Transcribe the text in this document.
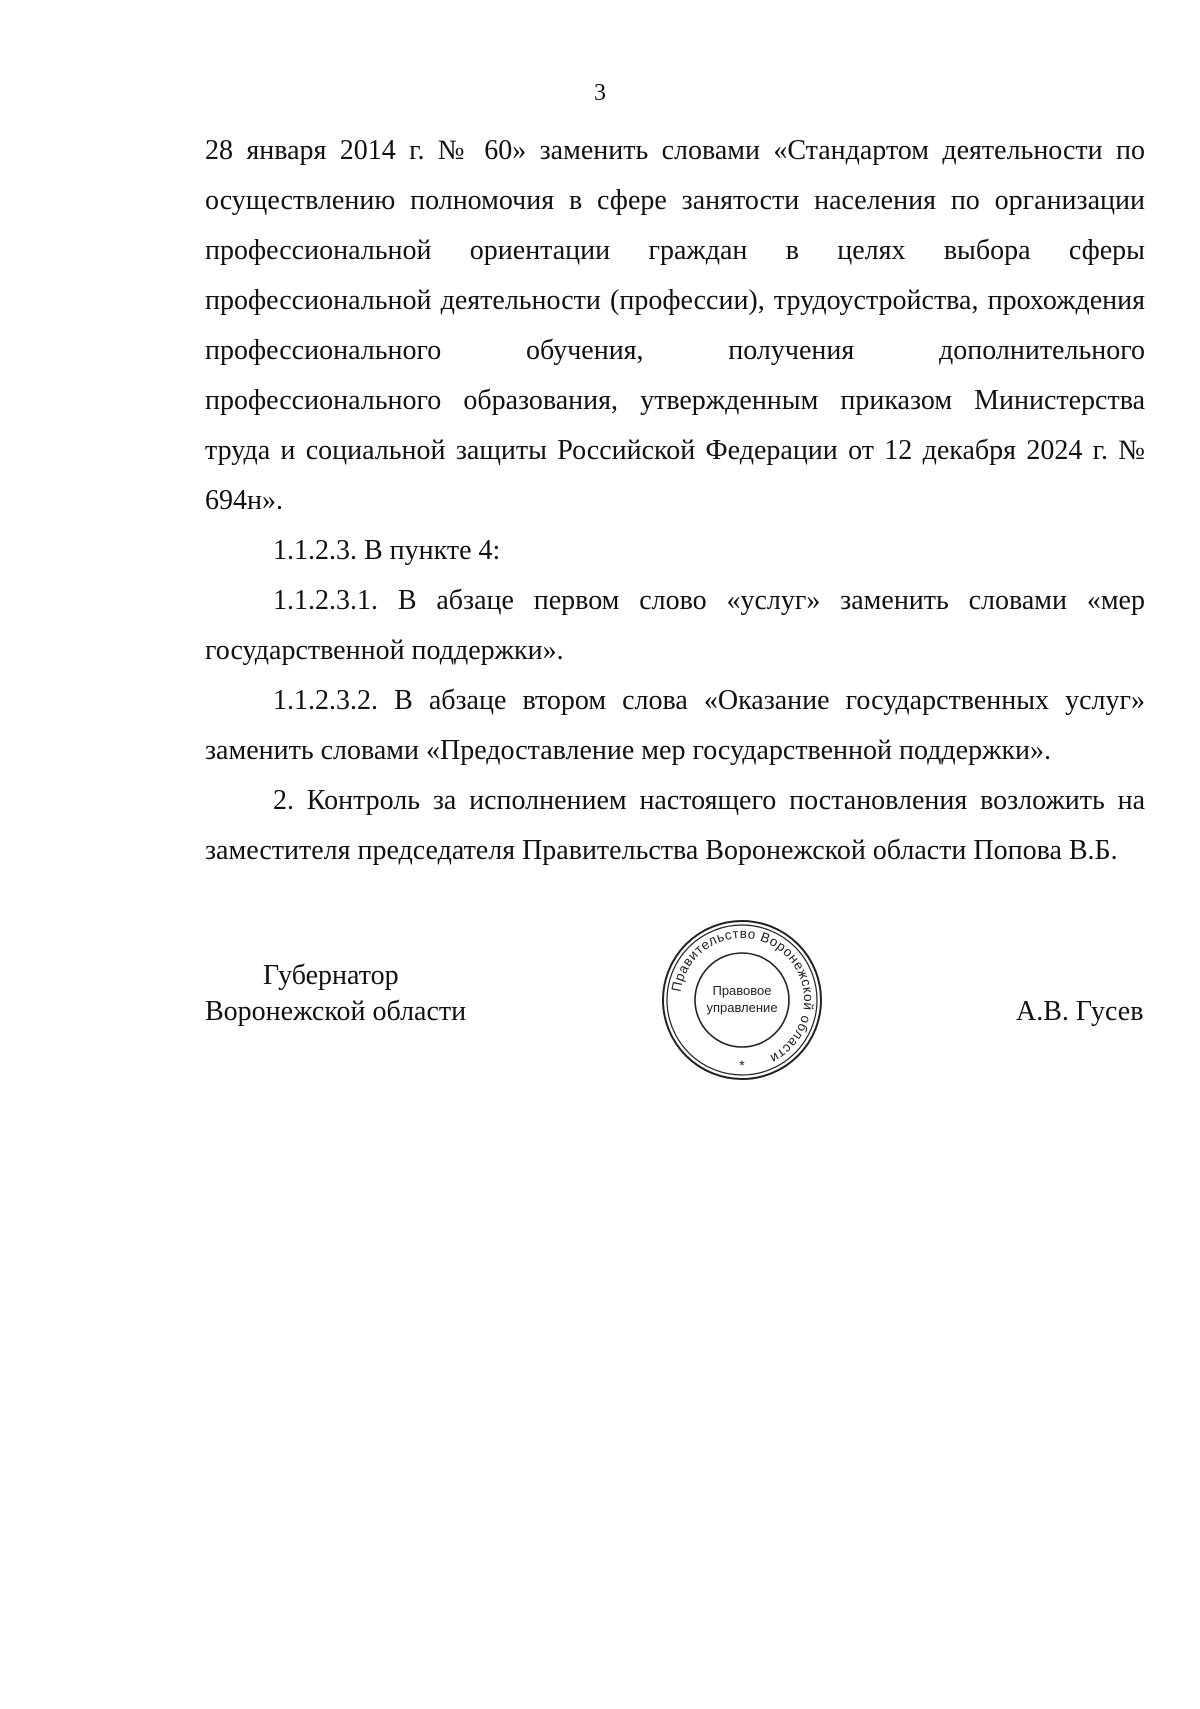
3

28 января 2014 г. № 60» заменить словами «Стандартом деятельности по осуществлению полномочия в сфере занятости населения по организации профессиональной ориентации граждан в целях выбора сферы профессиональной деятельности (профессии), трудоустройства, прохождения профессионального обучения, получения дополнительного профессионального образования, утвержденным приказом Министерства труда и социальной защиты Российской Федерации от 12 декабря 2024 г. № 694н».

1.1.2.3. В пункте 4:

1.1.2.3.1. В абзаце первом слово «услуг» заменить словами «мер государственной поддержки».

1.1.2.3.2. В абзаце втором слова «Оказание государственных услуг» заменить словами «Предоставление мер государственной поддержки».

2. Контроль за исполнением настоящего постановления возложить на заместителя председателя Правительства Воронежской области Попова В.Б.

Губернатор
Воронежской области
Правительство Воронежской области
Правовое
управление
*
А.В. Гусев
